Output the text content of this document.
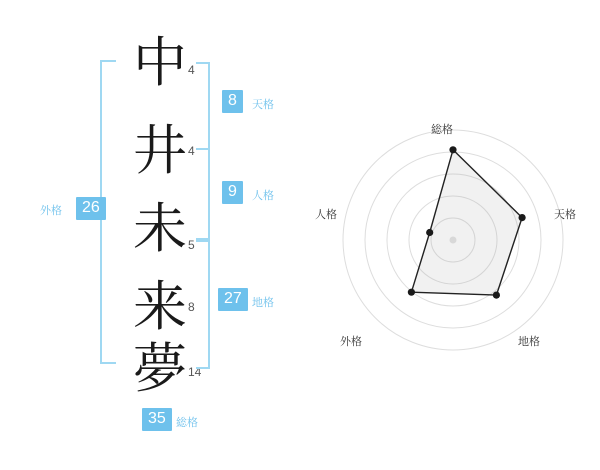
26
外格
中 4
井 4
未 5
来 8
夢 14
8	天格
9	人格
27 地格
35 総格
総格
天格
地格
外格
人格
